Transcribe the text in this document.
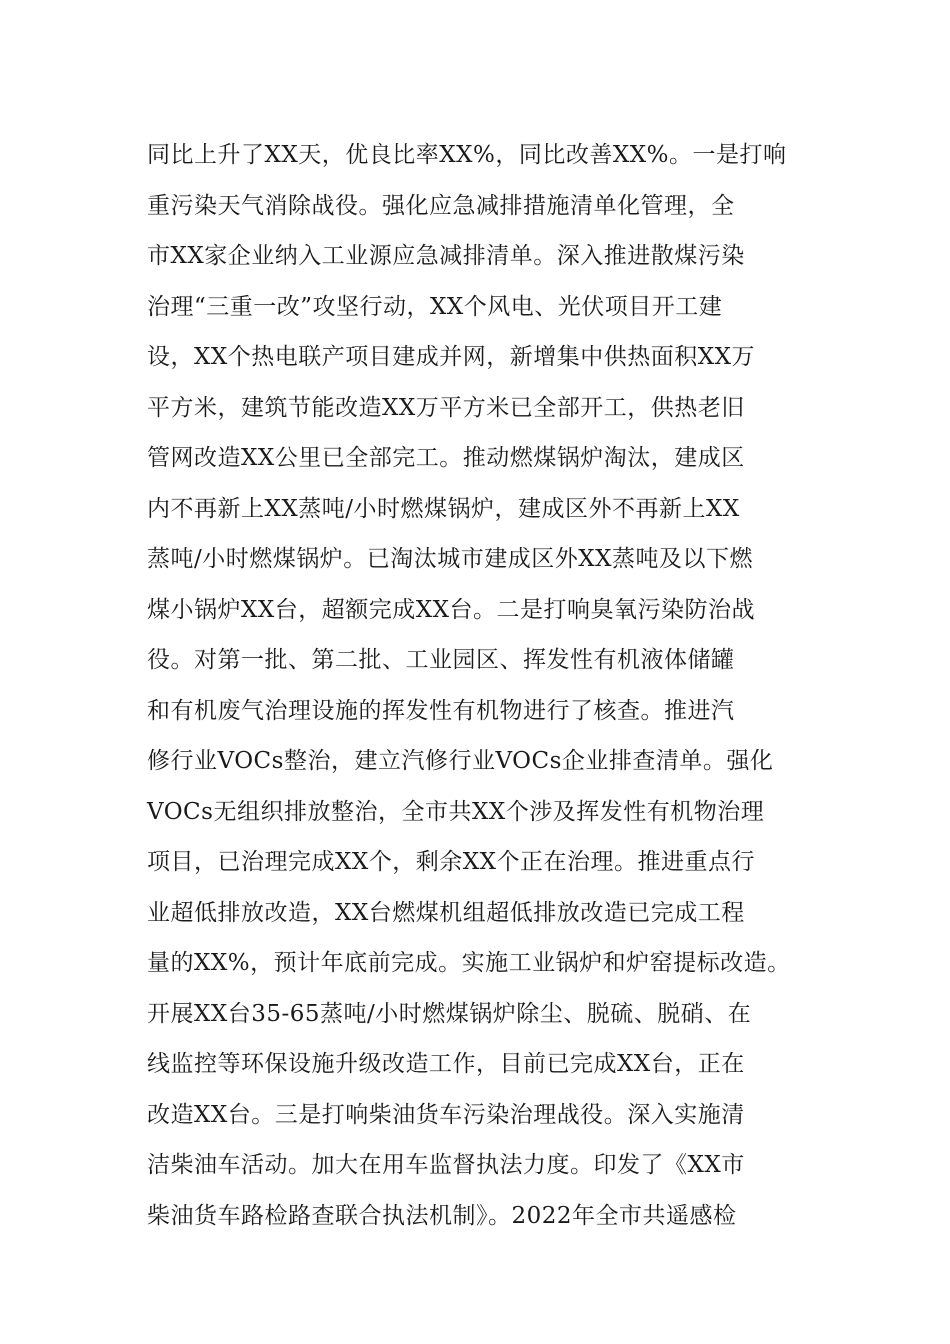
同比上升了XX天，优良比率XX%，同比改善XX%。一是打响
重污染天气消除战役。强化应急减排措施清单化管理，全
市XX家企业纳入工业源应急减排清单。深入推进散煤污染
治理“三重一改”攻坚行动，XX个风电、光伏项目开工建
设，XX个热电联产项目建成并网，新增集中供热面积XX万
平方米，建筑节能改造XX万平方米已全部开工，供热老旧
管网改造XX公里已全部完工。推动燃煤锅炉淘汰，建成区
内不再新上XX蒸吨/小时燃煤锅炉，建成区外不再新上XX
蒸吨/小时燃煤锅炉。已淘汰城市建成区外XX蒸吨及以下燃
煤小锅炉XX台，超额完成XX台。二是打响臭氧污染防治战
役。对第一批、第二批、工业园区、挥发性有机液体储罐
和有机废气治理设施的挥发性有机物进行了核查。推进汽
修行业VOCs整治，建立汽修行业VOCs企业排查清单。强化
VOCs无组织排放整治，全市共XX个涉及挥发性有机物治理
项目，已治理完成XX个，剩余XX个正在治理。推进重点行
业超低排放改造，XX台燃煤机组超低排放改造已完成工程
量的XX%，预计年底前完成。实施工业锅炉和炉窑提标改造。
开展XX台35-65蒸吨/小时燃煤锅炉除尘、脱硫、脱硝、在
线监控等环保设施升级改造工作，目前已完成XX台，正在
改造XX台。三是打响柴油货车污染治理战役。深入实施清
洁柴油车活动。加大在用车监督执法力度。印发了《XX市
柴油货车路检路查联合执法机制》。2022年全市共遥感检
